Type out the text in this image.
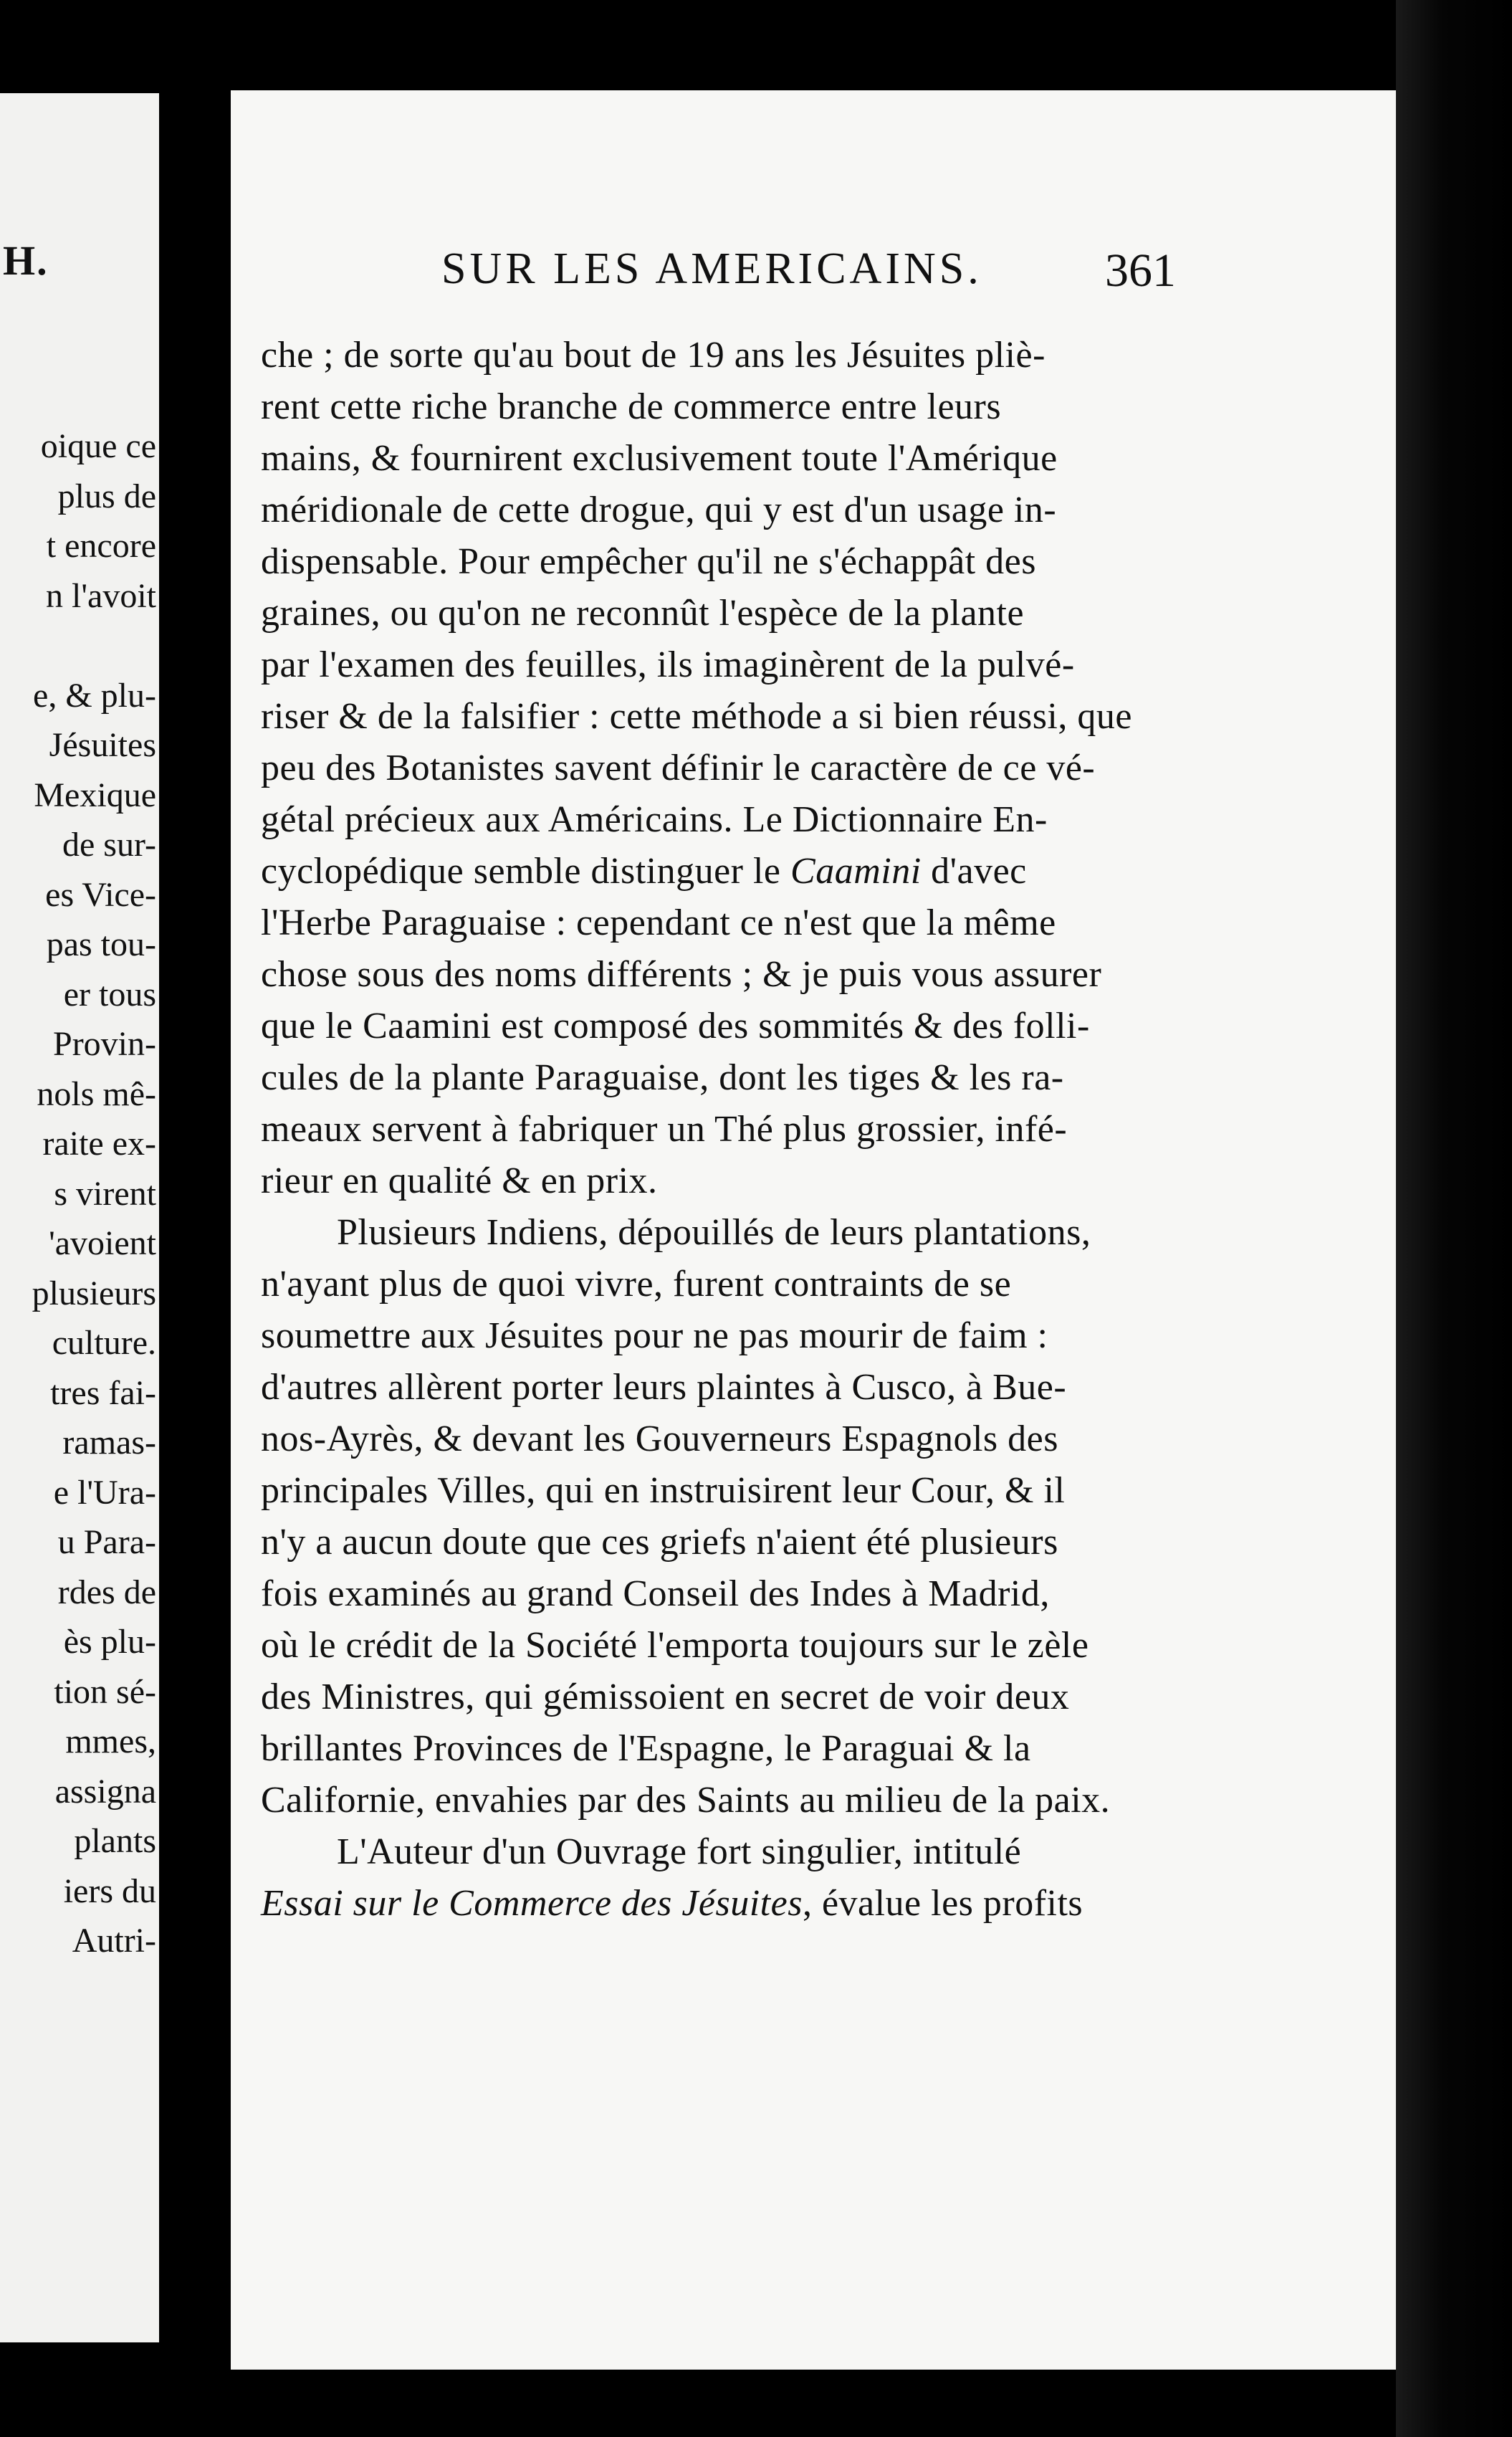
H.
oique ce
plus de
t encore
n l'avoit
e, & plu-
Jésuites
Mexique
de sur-
es Vice-
pas tou-
er tous
Provin-
nols mê-
raite ex-
s virent
'avoient
plusieurs
culture.
tres fai-
ramas-
e l'Ura-
u Para-
rdes de
ès plu-
tion sé-
mmes,
assigna
plants
iers du
Autri-
SUR LES AMERICAINS.	361
che ; de sorte qu'au bout de 19 ans les Jésuites pliè-
rent cette riche branche de commerce entre leurs
mains, & fournirent exclusivement toute l'Amérique
méridionale de cette drogue, qui y est d'un usage in-
dispensable. Pour empêcher qu'il ne s'échappât des
graines, ou qu'on ne reconnût l'espèce de la plante
par l'examen des feuilles, ils imaginèrent de la pulvé-
riser & de la falsifier : cette méthode a si bien réussi, que
peu des Botanistes savent définir le caractère de ce vé-
gétal précieux aux Américains. Le Dictionnaire En-
cyclopédique semble distinguer le Caamini d'avec
l'Herbe Paraguaise : cependant ce n'est que la même
chose sous des noms différents ; & je puis vous assurer
que le Caamini est composé des sommités & des folli-
cules de la plante Paraguaise, dont les tiges & les ra-
meaux servent à fabriquer un Thé plus grossier, infé-
rieur en qualité & en prix.
Plusieurs Indiens, dépouillés de leurs plantations,
n'ayant plus de quoi vivre, furent contraints de se
soumettre aux Jésuites pour ne pas mourir de faim :
d'autres allèrent porter leurs plaintes à Cusco, à Bue-
nos-Ayrès, & devant les Gouverneurs Espagnols des
principales Villes, qui en instruisirent leur Cour, & il
n'y a aucun doute que ces griefs n'aient été plusieurs
fois examinés au grand Conseil des Indes à Madrid,
où le crédit de la Société l'emporta toujours sur le zèle
des Ministres, qui gémissoient en secret de voir deux
brillantes Provinces de l'Espagne, le Paraguai & la
Californie, envahies par des Saints au milieu de la paix.
L'Auteur d'un Ouvrage fort singulier, intitulé
Essai sur le Commerce des Jésuites, évalue les profits
